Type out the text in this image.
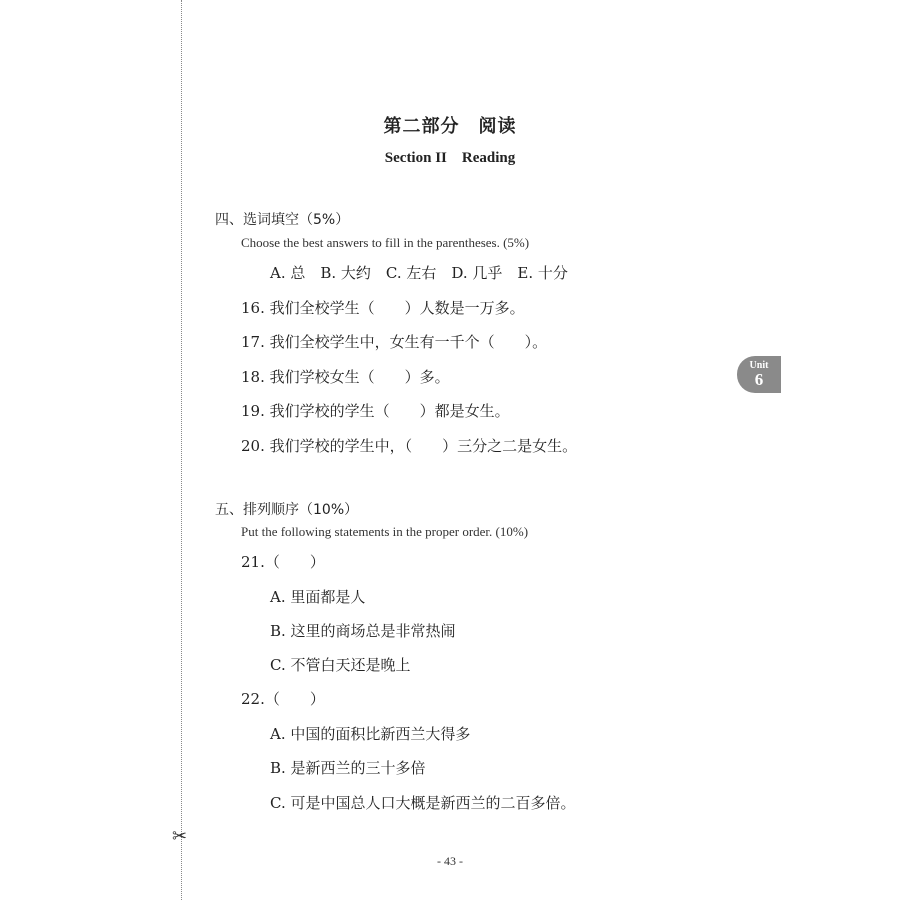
✂
第二部分　阅读
Section II　Reading
四、选词填空（5%）
Choose the best answers to fill in the parentheses. (5%)
A. 总　B. 大约　C. 左右　D. 几乎　E. 十分
16. 我们全校学生（　　）人数是一万多。
17. 我们全校学生中，女生有一千个（　　）。
18. 我们学校女生（　　）多。
19. 我们学校的学生（　　）都是女生。
20. 我们学校的学生中，（　　）三分之二是女生。
五、排列顺序（10%）
Put the following statements in the proper order. (10%)
21.（　　）
A. 里面都是人
B. 这里的商场总是非常热闹
C. 不管白天还是晚上
22.（　　）
A. 中国的面积比新西兰大得多
B. 是新西兰的三十多倍
C. 可是中国总人口大概是新西兰的二百多倍。
Unit
6
- 43 -
